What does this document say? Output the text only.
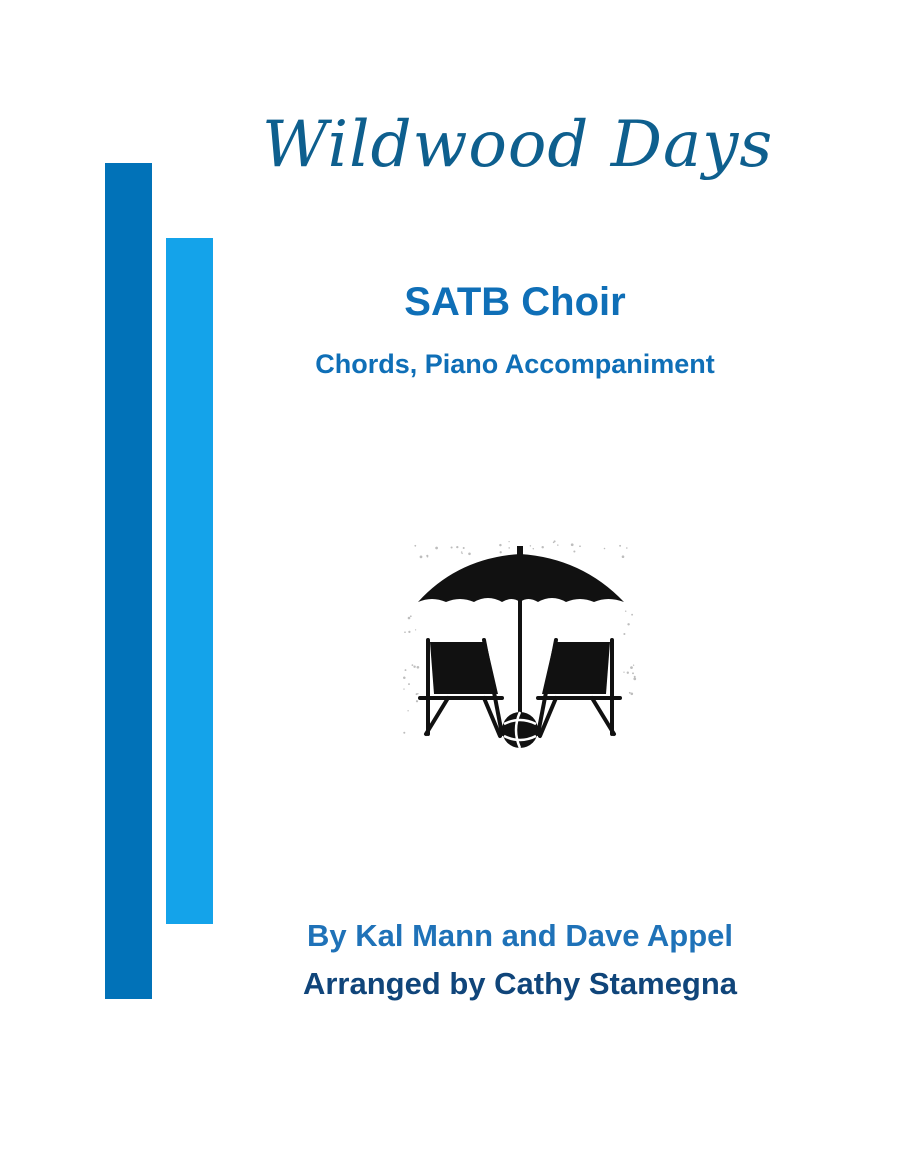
Wildwood Days
SATB Choir
Chords, Piano Accompaniment
By Kal Mann and Dave Appel
Arranged by Cathy Stamegna
